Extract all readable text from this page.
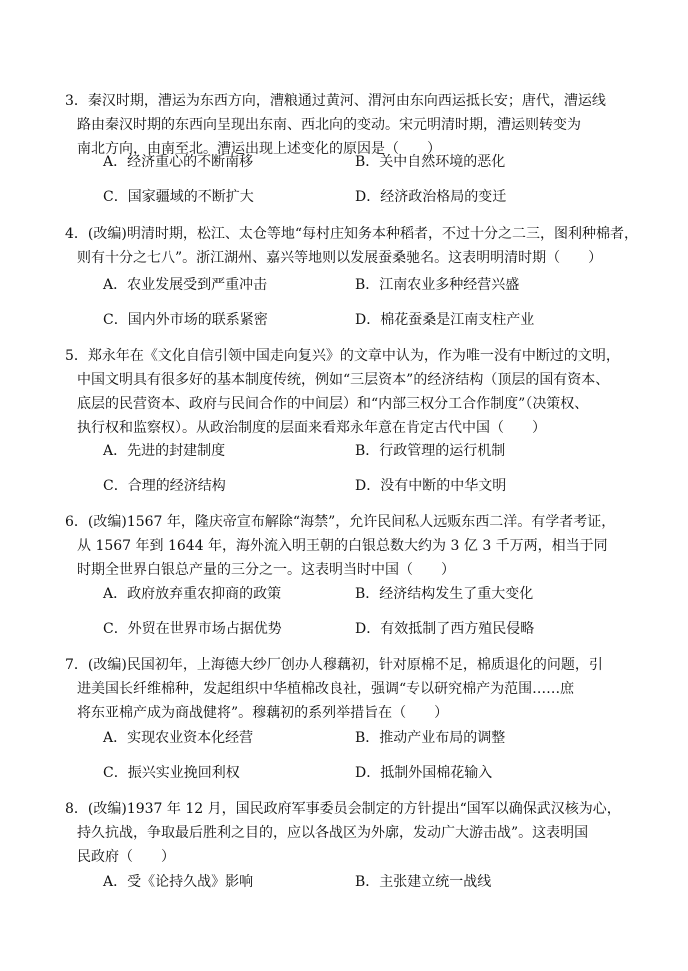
3．秦汉时期，漕运为东西方向，漕粮通过黄河、渭河由东向西运抵长安；唐代，漕运线
路由秦汉时期的东西向呈现出东南、西北向的变动。宋元明清时期，漕运则转变为
南北方向，由南至北。漕运出现上述变化的原因是（　　）
A．经济重心的不断南移	B．关中自然环境的恶化
C．国家疆域的不断扩大	D．经济政治格局的变迁
4．(改编)明清时期，松江、太仓等地“每村庄知务本种稻者，不过十分之二三，图利种棉者，
则有十分之七八”。浙江湖州、嘉兴等地则以发展蚕桑驰名。这表明明清时期（　　）
A．农业发展受到严重冲击	B．江南农业多种经营兴盛
C．国内外市场的联系紧密	D．棉花蚕桑是江南支柱产业
5．郑永年在《文化自信引领中国走向复兴》的文章中认为，作为唯一没有中断过的文明，
中国文明具有很多好的基本制度传统，例如“三层资本”的经济结构（顶层的国有资本、
底层的民营资本、政府与民间合作的中间层）和“内部三权分工合作制度”（决策权、
执行权和监察权）。从政治制度的层面来看郑永年意在肯定古代中国（　　）
A．先进的封建制度	B．行政管理的运行机制
C．合理的经济结构	D．没有中断的中华文明
6．(改编)1567 年，隆庆帝宣布解除“海禁”，允许民间私人远贩东西二洋。有学者考证，
从 1567 年到 1644 年，海外流入明王朝的白银总数大约为 3 亿 3 千万两，相当于同
时期全世界白银总产量的三分之一。这表明当时中国（　　）
A．政府放弃重农抑商的政策	B．经济结构发生了重大变化
C．外贸在世界市场占据优势	D．有效抵制了西方殖民侵略
7．(改编)民国初年，上海德大纱厂创办人穆藕初，针对原棉不足，棉质退化的问题，引
进美国长纤维棉种，发起组织中华植棉改良社，强调“专以研究棉产为范围……庶
将东亚棉产成为商战健将”。穆藕初的系列举措旨在（　　）
A．实现农业资本化经营	B．推动产业布局的调整
C．振兴实业挽回利权	D．抵制外国棉花输入
8．(改编)1937 年 12 月，国民政府军事委员会制定的方针提出“国军以确保武汉核为心，
持久抗战，争取最后胜利之目的，应以各战区为外廓，发动广大游击战”。这表明国
民政府（　　）
A．受《论持久战》影响	B．主张建立统一战线
